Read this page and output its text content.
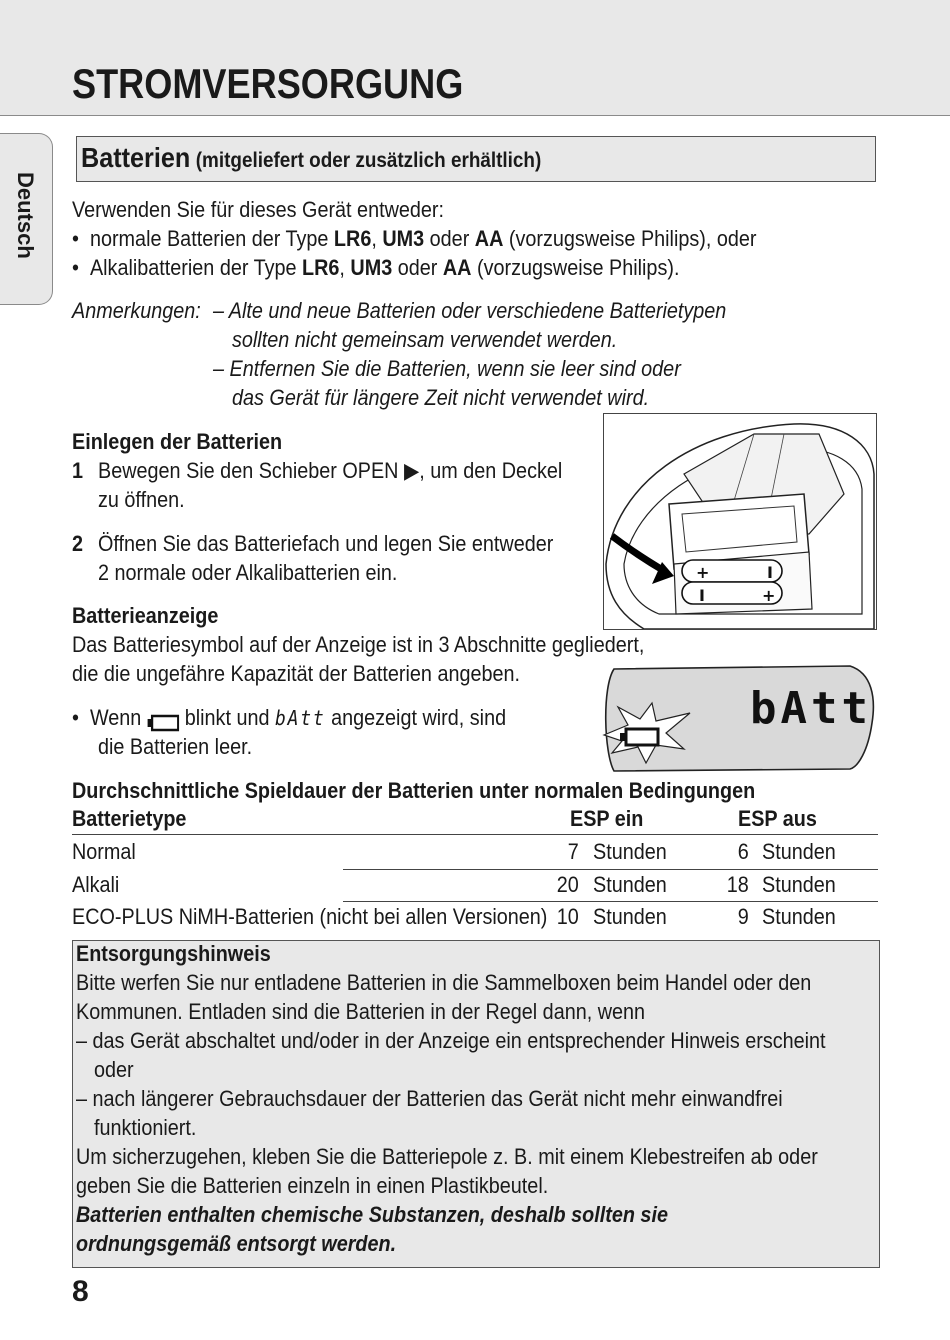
STROMVERSORGUNG
Deutsch
Batterien (mitgeliefert oder zusätzlich erhältlich)
Verwenden Sie für dieses Gerät entweder:
•  normale Batterien der Type LR6, UM3 oder AA (vorzugsweise Philips), oder
•  Alkalibatterien der Type LR6, UM3 oder AA (vorzugsweise Philips).
Anmerkungen: – Alte und neue Batterien oder verschiedene Batterietypen
sollten nicht gemeinsam verwendet werden.
– Entfernen Sie die Batterien, wenn sie leer sind oder
das Gerät für längere Zeit nicht verwendet wird.
Einlegen der Batterien
1 Bewegen Sie den Schieber OPEN ▶, um den Deckel
zu öffnen.
2 Öffnen Sie das Batteriefach und legen Sie entweder
2 normale oder Alkalibatterien ein.	+	I
I	+
Batterieanzeige
Das Batteriesymbol auf der Anzeige ist in 3 Abschnitte gegliedert,
die die ungefähre Kapazität der Batterien angeben.
•  Wenn blinkt und bAtt angezeigt wird, sind
die Batterien leer.
bAtt
Durchschnittliche Spieldauer der Batterien unter normalen Bedingungen
Batterietype	ESP ein	ESP aus
Normal	7 Stunden	6 Stunden
Alkali	20 Stunden	18 Stunden
ECO-PLUS NiMH-Batterien (nicht bei allen Versionen) 10 Stunden	9 Stunden
Entsorgungshinweis
Bitte werfen Sie nur entladene Batterien in die Sammelboxen beim Handel oder den
Kommunen. Entladen sind die Batterien in der Regel dann, wenn
– das Gerät abschaltet und/oder in der Anzeige ein entsprechender Hinweis erscheint
oder
– nach längerer Gebrauchsdauer der Batterien das Gerät nicht mehr einwandfrei
funktioniert.
Um sicherzugehen, kleben Sie die Batteriepole z. B. mit einem Klebestreifen ab oder
geben Sie die Batterien einzeln in einen Plastikbeutel.
Batterien enthalten chemische Substanzen, deshalb sollten sie
ordnungsgemäß entsorgt werden.
8
